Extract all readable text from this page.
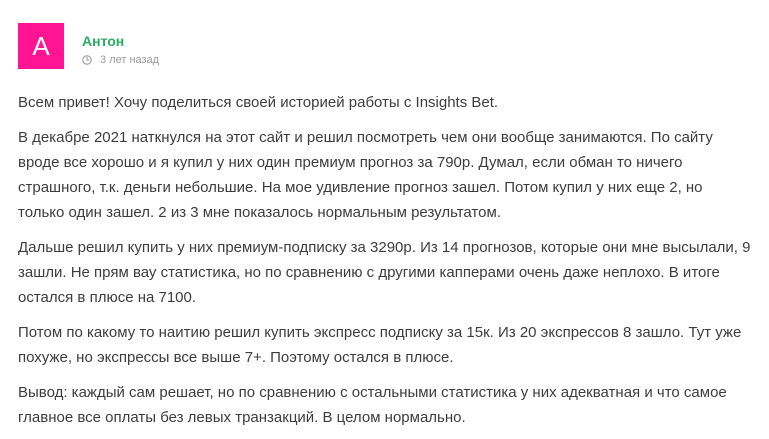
А	Антон
3 лет назад

Всем привет! Хочу поделиться своей историей работы с Insights Bet.

В декабре 2021 наткнулся на этот сайт и решил посмотреть чем они вообще занимаются. По сайту вроде все хорошо и я купил у них один премиум прогноз за 790р. Думал, если обман то ничего страшного, т.к. деньги небольшие. На мое удивление прогноз зашел. Потом купил у них еще 2, но только один зашел. 2 из 3 мне показалось нормальным результатом.

Дальше решил купить у них премиум-подписку за 3290р. Из 14 прогнозов, которые они мне высылали, 9 зашли. Не прям вау статистика, но по сравнению с другими капперами очень даже неплохо. В итоге остался в плюсе на 7100.

Потом по какому то наитию решил купить экспресс подписку за 15к. Из 20 экспрессов 8 зашло. Тут уже похуже, но экспрессы все выше 7+. Поэтому остался в плюсе.

Вывод: каждый сам решает, но по сравнению с остальными статистика у них адекватная и что самое главное все оплаты без левых транзакций. В целом нормально.
